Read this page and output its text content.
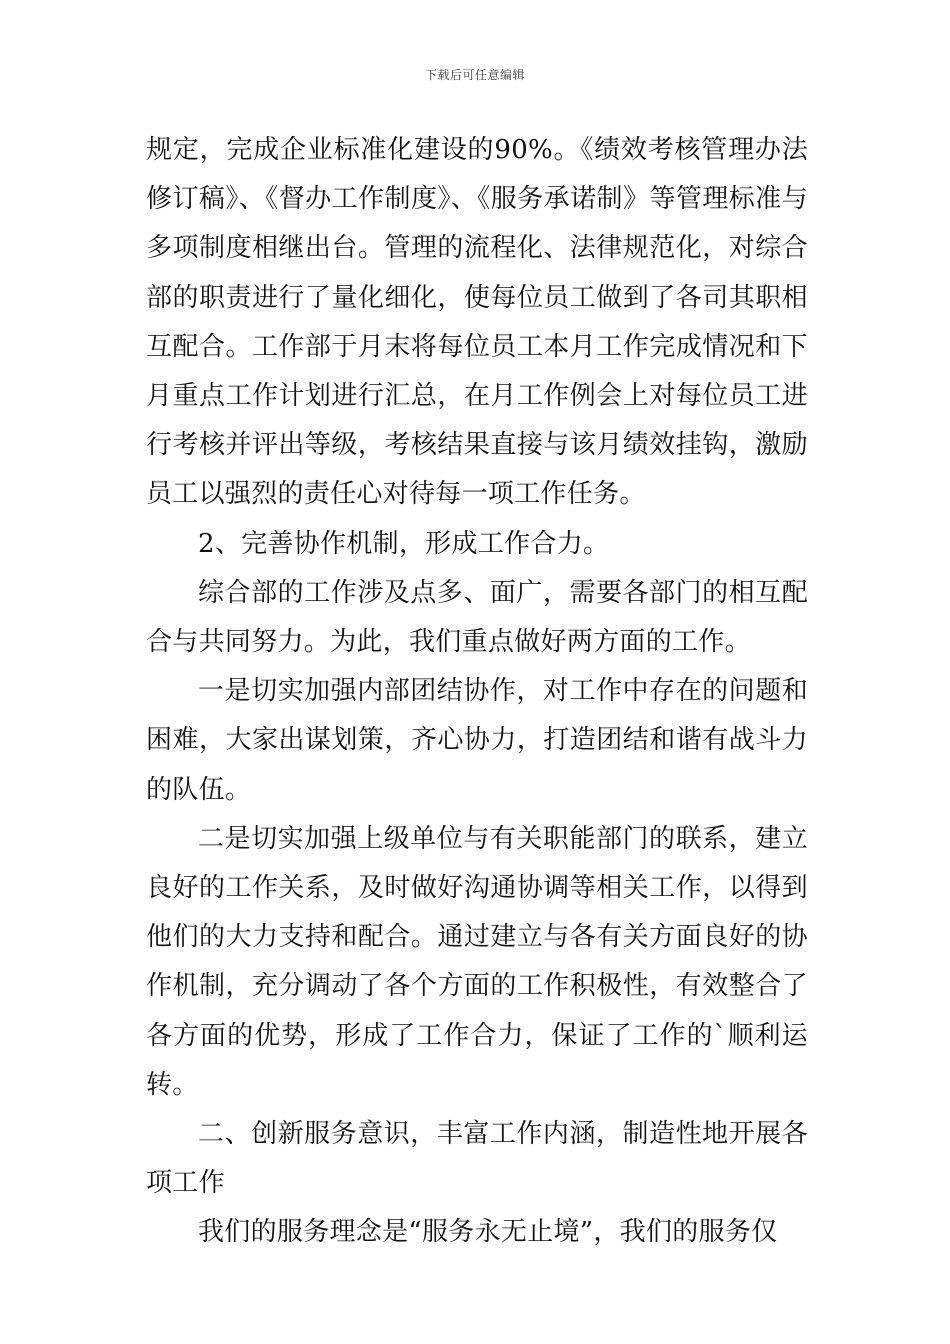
下载后可任意编辑

规定，完成企业标准化建设的90%。《绩效考核管理办法修订稿》、《督办工作制度》、《服务承诺制》等管理标准与多项制度相继出台。管理的流程化、法律规范化，对综合部的职责进行了量化细化，使每位员工做到了各司其职相互配合。工作部于月末将每位员工本月工作完成情况和下月重点工作计划进行汇总，在月工作例会上对每位员工进行考核并评出等级，考核结果直接与该月绩效挂钩，激励员工以强烈的责任心对待每一项工作任务。

2、完善协作机制，形成工作合力。

综合部的工作涉及点多、面广，需要各部门的相互配合与共同努力。为此，我们重点做好两方面的工作。

一是切实加强内部团结协作，对工作中存在的问题和困难，大家出谋划策，齐心协力，打造团结和谐有战斗力的队伍。

二是切实加强上级单位与有关职能部门的联系，建立良好的工作关系，及时做好沟通协调等相关工作，以得到他们的大力支持和配合。通过建立与各有关方面良好的协作机制，充分调动了各个方面的工作积极性，有效整合了各方面的优势，形成了工作合力，保证了工作的`顺利运转。

二、创新服务意识，丰富工作内涵，制造性地开展各项工作

我们的服务理念是“服务永无止境”，我们的服务仅
